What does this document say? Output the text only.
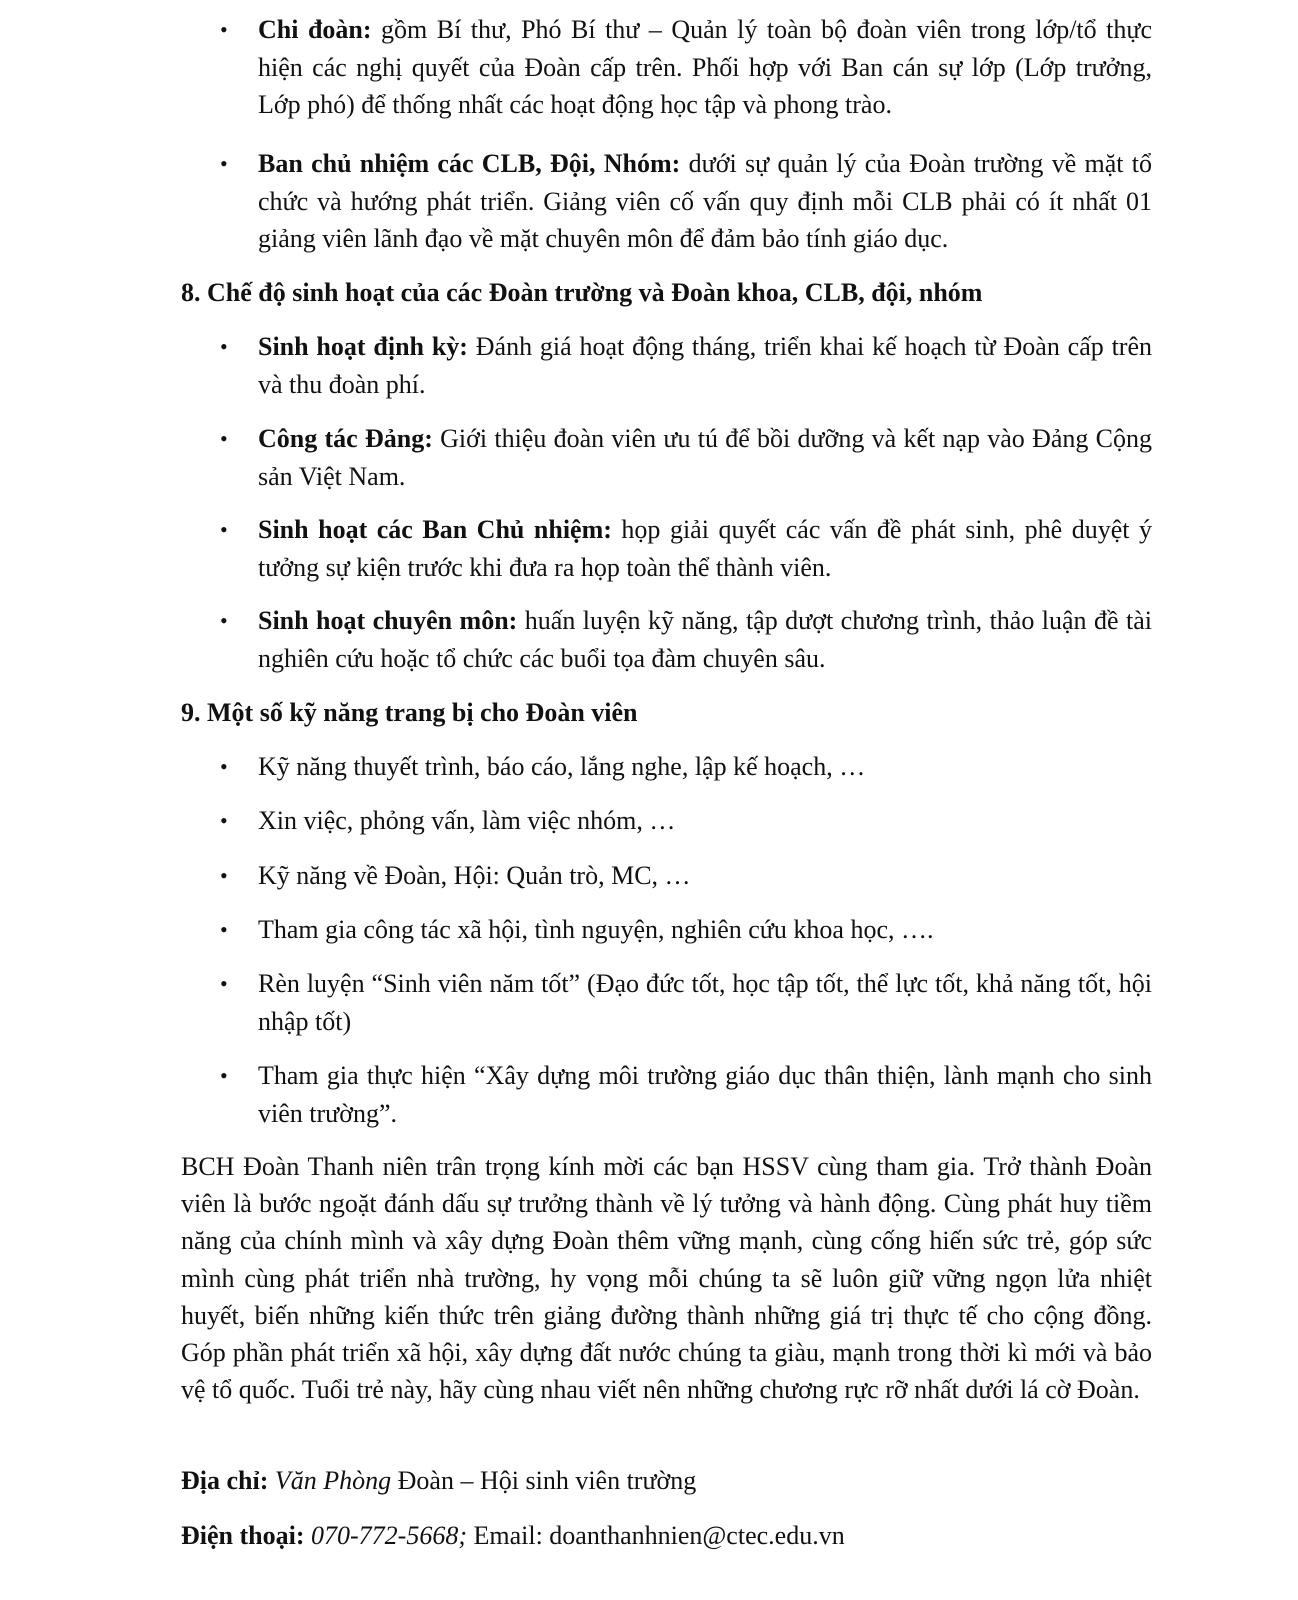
• Chi đoàn: gồm Bí thư, Phó Bí thư – Quản lý toàn bộ đoàn viên trong lớp/tổ thực hiện các nghị quyết của Đoàn cấp trên. Phối hợp với Ban cán sự lớp (Lớp trưởng, Lớp phó) để thống nhất các hoạt động học tập và phong trào.
• Ban chủ nhiệm các CLB, Đội, Nhóm: dưới sự quản lý của Đoàn trường về mặt tổ chức và hướng phát triển. Giảng viên cố vấn quy định mỗi CLB phải có ít nhất 01 giảng viên lãnh đạo về mặt chuyên môn để đảm bảo tính giáo dục.
8. Chế độ sinh hoạt của các Đoàn trường và Đoàn khoa, CLB, đội, nhóm
• Sinh hoạt định kỳ: Đánh giá hoạt động tháng, triển khai kế hoạch từ Đoàn cấp trên và thu đoàn phí.
• Công tác Đảng: Giới thiệu đoàn viên ưu tú để bồi dưỡng và kết nạp vào Đảng Cộng sản Việt Nam.
• Sinh hoạt các Ban Chủ nhiệm: họp giải quyết các vấn đề phát sinh, phê duyệt ý tưởng sự kiện trước khi đưa ra họp toàn thể thành viên.
• Sinh hoạt chuyên môn: huấn luyện kỹ năng, tập dượt chương trình, thảo luận đề tài nghiên cứu hoặc tổ chức các buổi tọa đàm chuyên sâu.
9. Một số kỹ năng trang bị cho Đoàn viên
• Kỹ năng thuyết trình, báo cáo, lắng nghe, lập kế hoạch, …
• Xin việc, phỏng vấn, làm việc nhóm, …
• Kỹ năng về Đoàn, Hội: Quản trò, MC, …
• Tham gia công tác xã hội, tình nguyện, nghiên cứu khoa học, ….
• Rèn luyện “Sinh viên năm tốt” (Đạo đức tốt, học tập tốt, thể lực tốt, khả năng tốt, hội nhập tốt)
• Tham gia thực hiện “Xây dựng môi trường giáo dục thân thiện, lành mạnh cho sinh viên trường”.
BCH Đoàn Thanh niên trân trọng kính mời các bạn HSSV cùng tham gia. Trở thành Đoàn viên là bước ngoặt đánh dấu sự trưởng thành về lý tưởng và hành động. Cùng phát huy tiềm năng của chính mình và xây dựng Đoàn thêm vững mạnh, cùng cống hiến sức trẻ, góp sức mình cùng phát triển nhà trường, hy vọng mỗi chúng ta sẽ luôn giữ vững ngọn lửa nhiệt huyết, biến những kiến thức trên giảng đường thành những giá trị thực tế cho cộng đồng. Góp phần phát triển xã hội, xây dựng đất nước chúng ta giàu, mạnh trong thời kì mới và bảo vệ tổ quốc. Tuổi trẻ này, hãy cùng nhau viết nên những chương rực rỡ nhất dưới lá cờ Đoàn.
Địa chỉ: Văn Phòng Đoàn – Hội sinh viên trường
Điện thoại: 070-772-5668; Email: doanthanhnien@ctec.edu.vn
